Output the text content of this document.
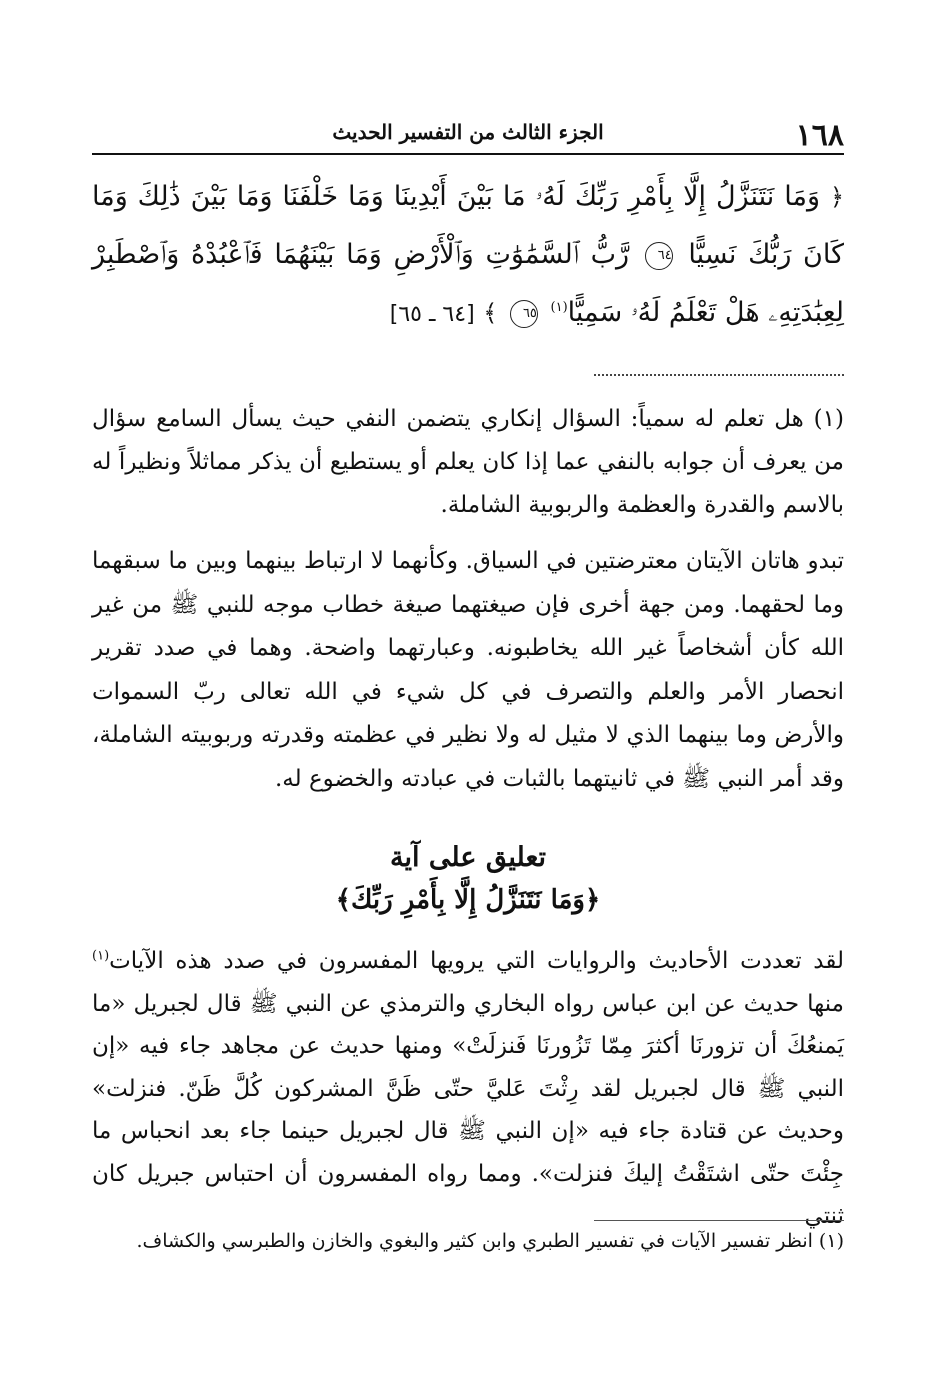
١٦٨
الجزء الثالث من التفسير الحديث
﴿ وَمَا نَتَنَزَّلُ إِلَّا بِأَمْرِ رَبِّكَ لَهُۥ مَا بَيْنَ أَيْدِينَا وَمَا خَلْفَنَا وَمَا بَيْنَ ذَٰلِكَ وَمَا كَانَ رَبُّكَ نَسِيًّا ٦٤ رَّبُّ ٱلسَّمَٰوَٰتِ وَٱلْأَرْضِ وَمَا بَيْنَهُمَا فَٱعْبُدْهُ وَٱصْطَبِرْ لِعِبَٰدَتِهِۦ هَلْ تَعْلَمُ لَهُۥ سَمِيًّا$^{(١)}$ ٦٥ ﴾ [٦٤ ـ ٦٥]
(١) هل تعلم له سمياً: السؤال إنكاري يتضمن النفي حيث يسأل السامع سؤال من يعرف أن جوابه بالنفي عما إذا كان يعلم أو يستطيع أن يذكر مماثلاً ونظيراً له بالاسم والقدرة والعظمة والربوبية الشاملة.
تبدو هاتان الآيتان معترضتين في السياق. وكأنهما لا ارتباط بينهما وبين ما سبقهما وما لحقهما. ومن جهة أخرى فإن صيغتهما صيغة خطاب موجه للنبي ﷺ من غير الله كأن أشخاصاً غير الله يخاطبونه. وعبارتهما واضحة. وهما في صدد تقرير انحصار الأمر والعلم والتصرف في كل شيء في الله تعالى ربّ السموات والأرض وما بينهما الذي لا مثيل له ولا نظير في عظمته وقدرته وربوبيته الشاملة، وقد أمر النبي ﷺ في ثانيتهما بالثبات في عبادته والخضوع له.
تعليق على آية
﴿وَمَا نَتَنَزَّلُ إِلَّا بِأَمْرِ رَبِّكَ﴾
لقد تعددت الأحاديث والروايات التي يرويها المفسرون في صدد هذه الآيات$^{(١)}$ منها حديث عن ابن عباس رواه البخاري والترمذي عن النبي ﷺ قال لجبريل «ما يَمنعُكَ أن تزورنَا أكثرَ مِمّا تَزُورنَا فَنزلَتْ» ومنها حديث عن مجاهد جاء فيه «إن النبي ﷺ قال لجبريل لقد رِثْتَ عَليَّ حتّى ظَنَّ المشركون كُلَّ ظَنّ. فنزلت» وحديث عن قتادة جاء فيه «إن النبي ﷺ قال لجبريل حينما جاء بعد انحباس ما جِئْتَ حتّى اشتَقْتُ إليكَ فنزلت». ومما رواه المفسرون أن احتباس جبريل كان ثنتي
(١) انظر تفسير الآيات في تفسير الطبري وابن كثير والبغوي والخازن والطبرسي والكشاف.
